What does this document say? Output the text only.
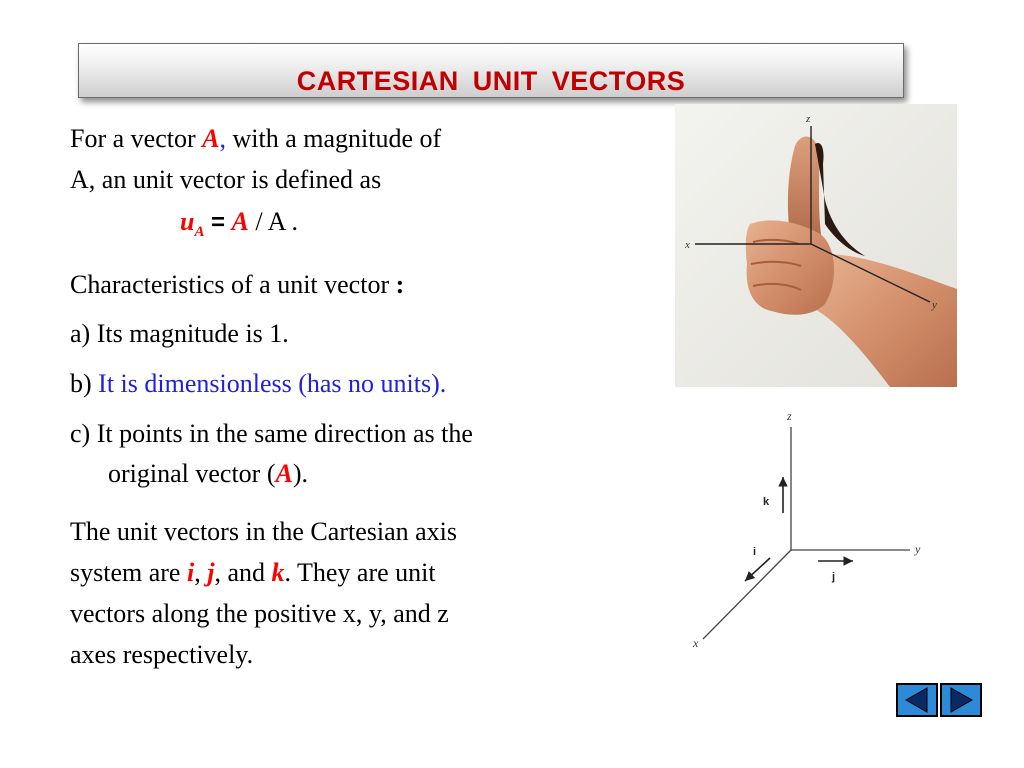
CARTESIAN UNIT VECTORS
For a vector A, with a magnitude of
A, an unit vector is defined as
$u_A = A / A$ .
Characteristics of a unit vector :
a) Its magnitude is 1.
b) It is dimensionless (has no units).
c) It points in the same direction as the
original vector (A).
The unit vectors in the Cartesian axis
system are i, j, and k. They are unit
vectors along the positive x, y, and z
axes respectively.
z
x
y
z
y
x
k
j
i
